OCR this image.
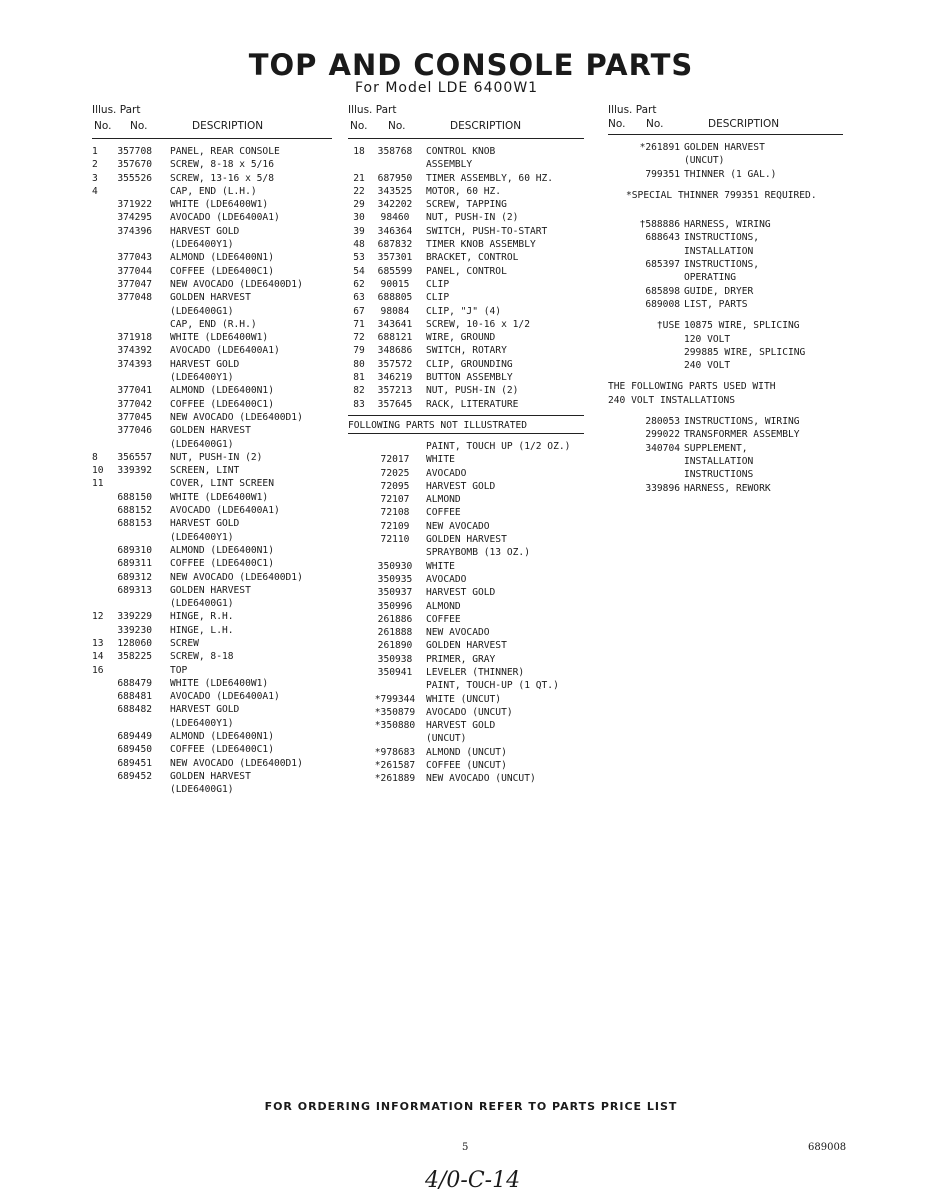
TOP AND CONSOLE PARTS
For Model LDE 6400W1
Illus. Part
No. No.	DESCRIPTION
1	357708 PANEL, REAR CONSOLE
2	357670 SCREW, 8-18 x 5/16
3	355526 SCREW, 13-16 x 5/8
4	CAP, END (L.H.)
371922 WHITE (LDE6400W1)
374295 AVOCADO (LDE6400A1)
374396 HARVEST GOLD
(LDE6400Y1)
377043 ALMOND (LDE6400N1)
377044 COFFEE (LDE6400C1)
377047 NEW AVOCADO (LDE6400D1)
377048 GOLDEN HARVEST
(LDE6400G1)
CAP, END (R.H.)
371918 WHITE (LDE6400W1)
374392 AVOCADO (LDE6400A1)
374393 HARVEST GOLD
(LDE6400Y1)
377041 ALMOND (LDE6400N1)
377042 COFFEE (LDE6400C1)
377045 NEW AVOCADO (LDE6400D1)
377046 GOLDEN HARVEST
(LDE6400G1)
8	356557 NUT, PUSH-IN (2)
10	339392 SCREEN, LINT
11	COVER, LINT SCREEN
688150 WHITE (LDE6400W1)
688152 AVOCADO (LDE6400A1)
688153 HARVEST GOLD
(LDE6400Y1)
689310 ALMOND (LDE6400N1)
689311 COFFEE (LDE6400C1)
689312 NEW AVOCADO (LDE6400D1)
689313 GOLDEN HARVEST
(LDE6400G1)
12	339229 HINGE, R.H.
339230 HINGE, L.H.
13	128060 SCREW
14	358225 SCREW, 8-18
16	TOP
688479 WHITE (LDE6400W1)
688481 AVOCADO (LDE6400A1)
688482 HARVEST GOLD
(LDE6400Y1)
689449 ALMOND (LDE6400N1)
689450 COFFEE (LDE6400C1)
689451 NEW AVOCADO (LDE6400D1)
689452 GOLDEN HARVEST
(LDE6400G1)
Illus. Part
No. No.	DESCRIPTION
18	358768	CONTROL KNOB
ASSEMBLY
21	687950	TIMER ASSEMBLY, 60 HZ.
22	343525	MOTOR, 60 HZ.
29	342202	SCREW, TAPPING
30	98460	NUT, PUSH-IN (2)
39	346364	SWITCH, PUSH-TO-START
48	687832	TIMER KNOB ASSEMBLY
53	357301	BRACKET, CONTROL
54	685599	PANEL, CONTROL
62	90015	CLIP
63	688805	CLIP
67	98084	CLIP, "J" (4)
71	343641	SCREW, 10-16 x 1/2
72	688121	WIRE, GROUND
79	348686	SWITCH, ROTARY
80	357572	CLIP, GROUNDING
81	346219	BUTTON ASSEMBLY
82	357213	NUT, PUSH-IN (2)
83	357645	RACK, LITERATURE
FOLLOWING PARTS NOT ILLUSTRATED
PAINT, TOUCH UP (1/2 OZ.)
72017	WHITE
72025	AVOCADO
72095	HARVEST GOLD
72107	ALMOND
72108	COFFEE
72109	NEW AVOCADO
72110	GOLDEN HARVEST
SPRAYBOMB (13 OZ.)
350930	WHITE
350935	AVOCADO
350937	HARVEST GOLD
350996	ALMOND
261886	COFFEE
261888	NEW AVOCADO
261890	GOLDEN HARVEST
350938	PRIMER, GRAY
350941	LEVELER (THINNER)
PAINT, TOUCH-UP (1 QT.)
*799344	WHITE (UNCUT)
*350879	AVOCADO (UNCUT)
*350880	HARVEST GOLD
(UNCUT)
*978683	ALMOND (UNCUT)
*261587	COFFEE (UNCUT)
*261889	NEW AVOCADO (UNCUT)
Illus. Part
No. No.	DESCRIPTION
*261891 GOLDEN HARVEST
(UNCUT)
799351 THINNER (1 GAL.)
*SPECIAL THINNER 799351 REQUIRED.
†588886 HARNESS, WIRING
688643 INSTRUCTIONS,
INSTALLATION
685397 INSTRUCTIONS,
OPERATING
685898 GUIDE, DRYER
689008 LIST, PARTS
†USE 10875 WIRE, SPLICING
120 VOLT
299885 WIRE, SPLICING
240 VOLT
THE FOLLOWING PARTS USED WITH
240 VOLT INSTALLATIONS
280053 INSTRUCTIONS, WIRING
299022 TRANSFORMER ASSEMBLY
340704 SUPPLEMENT,
INSTALLATION
INSTRUCTIONS
339896 HARNESS, REWORK
FOR ORDERING INFORMATION REFER TO PARTS PRICE LIST
5	689008
4/0-C-14
